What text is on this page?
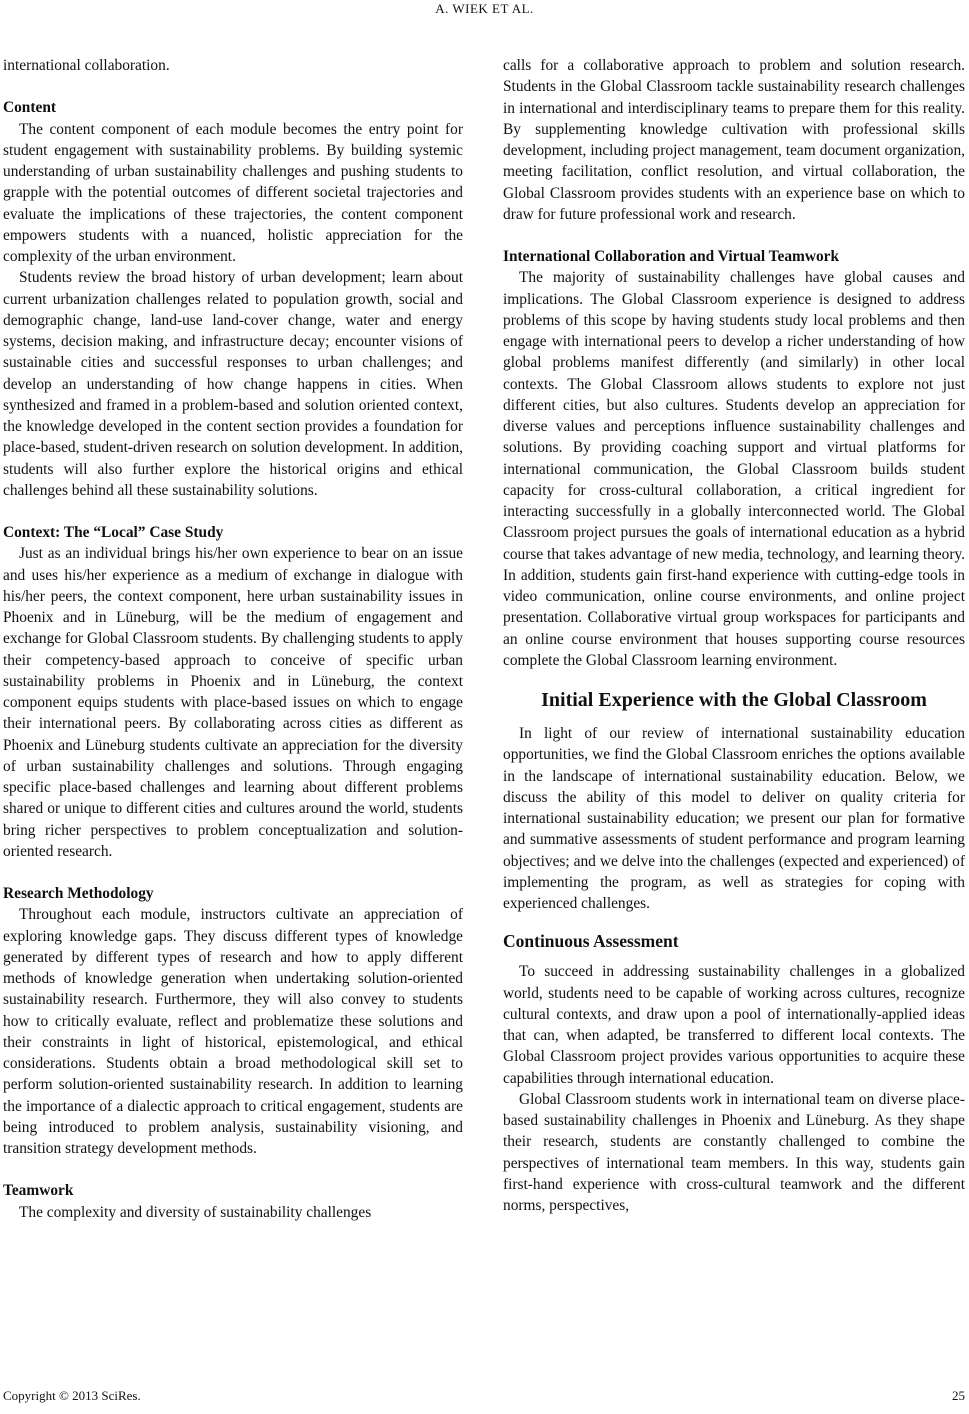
A. WIEK ET AL.

international collaboration.

Content

The content component of each module becomes the entry point for student engagement with sustainability problems. By building systemic understanding of urban sustainability challenges and pushing students to grapple with the potential outcomes of different societal trajectories and evaluate the implications of these trajectories, the content component empowers students with a nuanced, holistic appreciation for the complexity of the urban environment.

Students review the broad history of urban development; learn about current urbanization challenges related to population growth, social and demographic change, land-use land-cover change, water and energy systems, decision making, and infrastructure decay; encounter visions of sustainable cities and successful responses to urban challenges; and develop an understanding of how change happens in cities. When synthesized and framed in a problem-based and solution oriented context, the knowledge developed in the content section provides a foundation for place-based, student-driven research on solution development. In addition, students will also further explore the historical origins and ethical challenges behind all these sustainability solutions.

Context: The “Local” Case Study

Just as an individual brings his/her own experience to bear on an issue and uses his/her experience as a medium of exchange in dialogue with his/her peers, the context component, here urban sustainability issues in Phoenix and in Lüneburg, will be the medium of engagement and exchange for Global Classroom students. By challenging students to apply their competency-based approach to conceive of specific urban sustainability problems in Phoenix and in Lüneburg, the context component equips students with place-based issues on which to engage their international peers. By collaborating across cities as different as Phoenix and Lüneburg students cultivate an appreciation for the diversity of urban sustainability challenges and solutions. Through engaging specific place-based challenges and learning about different problems shared or unique to different cities and cultures around the world, students bring richer perspectives to problem conceptualization and solution-oriented research.

Research Methodology

Throughout each module, instructors cultivate an appreciation of exploring knowledge gaps. They discuss different types of knowledge generated by different types of research and how to apply different methods of knowledge generation when undertaking solution-oriented sustainability research. Furthermore, they will also convey to students how to critically evaluate, reflect and problematize these solutions and their constraints in light of historical, epistemological, and ethical considerations. Students obtain a broad methodological skill set to perform solution-oriented sustainability research. In addition to learning the importance of a dialectic approach to critical engagement, students are being introduced to problem analysis, sustainability visioning, and transition strategy development methods.

Teamwork

The complexity and diversity of sustainability challenges

calls for a collaborative approach to problem and solution research. Students in the Global Classroom tackle sustainability research challenges in international and interdisciplinary teams to prepare them for this reality. By supplementing knowledge cultivation with professional skills development, including project management, team document organization, meeting facilitation, conflict resolution, and virtual collaboration, the Global Classroom provides students with an experience base on which to draw for future professional work and research.

International Collaboration and Virtual Teamwork

The majority of sustainability challenges have global causes and implications. The Global Classroom experience is designed to address problems of this scope by having students study local problems and then engage with international peers to develop a richer understanding of how global problems manifest differently (and similarly) in other local contexts. The Global Classroom allows students to explore not just different cities, but also cultures. Students develop an appreciation for diverse values and perceptions influence sustainability challenges and solutions. By providing coaching support and virtual platforms for international communication, the Global Classroom builds student capacity for cross-cultural collaboration, a critical ingredient for interacting successfully in a globally interconnected world. The Global Classroom project pursues the goals of international education as a hybrid course that takes advantage of new media, technology, and learning theory. In addition, students gain first-hand experience with cutting-edge tools in video communication, online course environments, and online project presentation. Collaborative virtual group workspaces for participants and an online course environment that houses supporting course resources complete the Global Classroom learning environment.

Initial Experience with the Global Classroom

In light of our review of international sustainability education opportunities, we find the Global Classroom enriches the options available in the landscape of international sustainability education. Below, we discuss the ability of this model to deliver on quality criteria for international sustainability education; we present our plan for formative and summative assessments of student performance and program learning objectives; and we delve into the challenges (expected and experienced) of implementing the program, as well as strategies for coping with experienced challenges.

Continuous Assessment

To succeed in addressing sustainability challenges in a globalized world, students need to be capable of working across cultures, recognize cultural contexts, and draw upon a pool of internationally-applied ideas that can, when adapted, be transferred to different local contexts. The Global Classroom project provides various opportunities to acquire these capabilities through international education.

Global Classroom students work in international team on diverse place-based sustainability challenges in Phoenix and Lüneburg. As they shape their research, students are constantly challenged to combine the perspectives of international team members. In this way, students gain first-hand experience with cross-cultural teamwork and the different norms, perspectives,

Copyright © 2013 SciRes.	25
